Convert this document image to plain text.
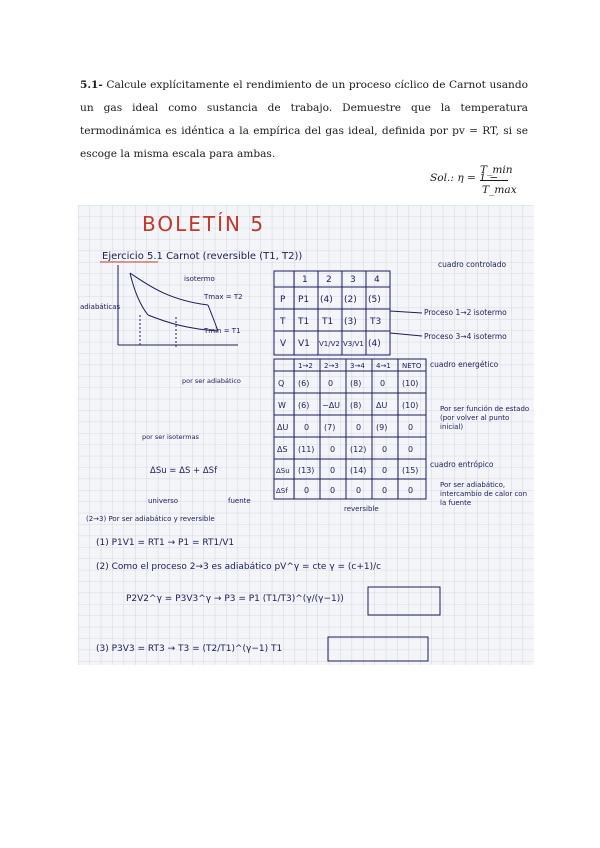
5.1- Calcule explícitamente el rendimiento de un proceso cíclico de Carnot usando un gas ideal como sustancia de trabajo. Demuestre que la temperatura termodinámica es idéntica a la empírica del gas ideal, definida por pv = RT, si se escoge la misma escala para ambas.
Sol.: η = 1 −
T_min
T_max
BOLETÍN 5
Ejercicio 5.1 Carnot (reversible (T1, T2))
isotermo
adiabáticas
Tmax = T2
Tmin = T1
1 2 3 4
P P1 (4) (2) (5)
T T1 T1 (3) T3
V V1 V1/V2 V3/V1 (4)
cuadro controlado
Proceso 1→2 isotermo
Proceso 3→4 isotermo
1→2 2→3 3→4 4→1 NETO
Q (6) 0 (8) 0 (10)
W (6) −ΔU (8) ΔU (10)
ΔU 0 (7)	0 (9)	0
ΔS (11) 0 (12) 0	0
ΔSu (13) 0 (14) 0 (15)
ΔSf 0	0	0	0	0
cuadro energético
cuadro entrópico
por ser adiabático
por ser isotermas
Por ser función de estado (por volver al punto inicial)
Por ser adiabático, intercambio de calor con la fuente
ΔSu = ΔS + ΔSf
universo	fuente
reversible
(2→3) Por ser adiabático y reversible
(1) P1V1 = RT1 → P1 = RT1/V1
(2) Como el proceso 2→3 es adiabático pV^γ = cte γ = (c+1)/c
P2V2^γ = P3V3^γ → P3 = P1 (T1/T3)^(γ/(γ−1))
(3) P3V3 = RT3 → T3 = (T2/T1)^(γ−1) T1
